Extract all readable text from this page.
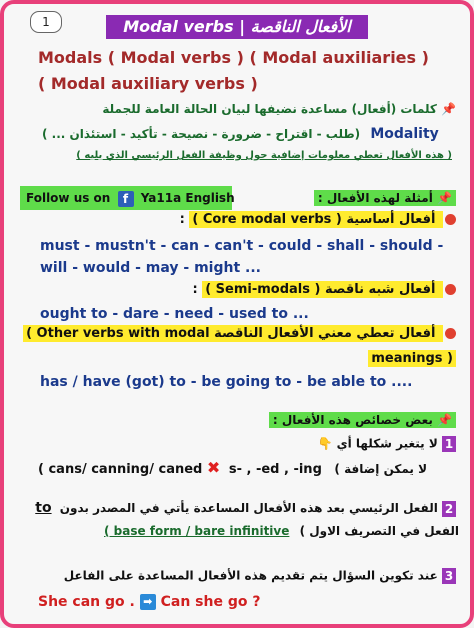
1	Modal verbs | الأفعال الناقصة
Modals ( Modal verbs ) ( Modal auxiliaries )
( Modal auxiliary verbs )
📌 كلمات (أفعال) مساعدة نضيفها لبيان الحالة العامة للجملة
(طلب - اقتراح - ضرورة - نصيحة - تأكيد - استئذان ... ) Modality
( هذه الأفعال تعطي معلومات إضافية حول وظيفة الفعل الرئيسي الذي يليه )
Follow us on f Ya11a English	📌 أمثلة لهذه الأفعال :
: ( Core modal verbs ) أفعال أساسية
must - mustn't - can - can't - could - shall - should -
will - would - may - might ...
: ( Semi-modals ) أفعال شبه ناقصة
ought to - dare - need - used to ...
( Other verbs with modal أفعال تعطي معني الأفعال الناقصة
meanings )
has / have (got) to - be going to - be able to ....
📌 بعض خصائص هذه الأفعال :
👇 لا يتغير شكلها أي 1
( cans/ canning/ caned ✖ s- , -ed , -ing لا يمكن إضافة )
to الفعل الرئيسي بعد هذه الأفعال المساعدة يأتي في المصدر بدون 2
( base form / bare infinitive الفعل في التصريف الاول )
عند تكوين السؤال يتم تقديم هذه الأفعال المساعدة على الفاعل 3
She can go . ➡ Can she go ?
